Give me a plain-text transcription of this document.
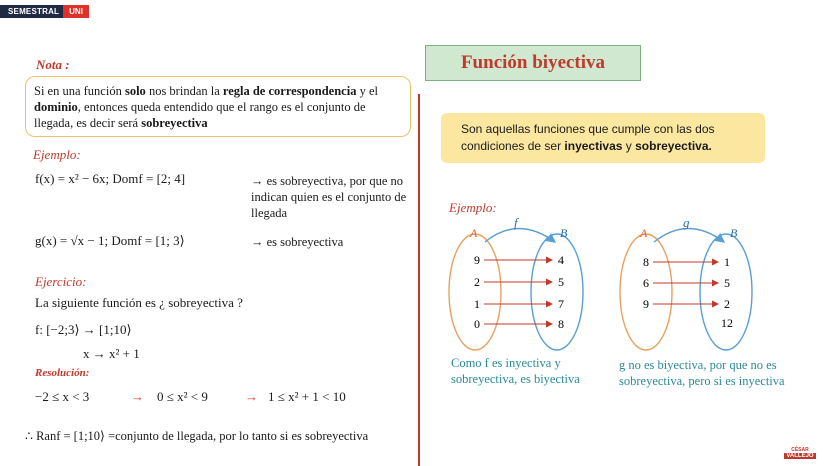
SEMESTRAL	UNI
Nota :
Si en una función solo nos brindan la regla de correspondencia y el dominio, entonces queda entendido que el rango es el conjunto de llegada, es decir será sobreyectiva
Ejemplo:
f(x) = x² − 6x; Domf = [2; 4]	→ es sobreyectiva, por que no indican quien es el conjunto de llegada
g(x) = √x − 1; Domf = [1; 3⟩	→ es sobreyectiva
Ejercicio:
La siguiente función es ¿ sobreyectiva ?
f: [−2;3⟩ → [1;10⟩
x → x² + 1
Resolución:
−2 ≤ x < 3	→ 0 ≤ x² < 9	→ 1 ≤ x² + 1 < 10
∴ Ranf = [1;10⟩ =conjunto de llegada, por lo tanto si es sobreyectiva
Función biyectiva
Son aquellas funciones que cumple con las dos condiciones de ser inyectivas y sobreyectiva.
Ejemplo:
f
A	B
9
2
1
0
4
5
7
8
Como f es inyectiva y sobreyectiva, es biyectiva
g
A	B
8
6
9
1
5
2
12
g no es biyectiva, por que no es sobreyectiva, pero si es inyectiva
CÉSAR
VALLEJO
